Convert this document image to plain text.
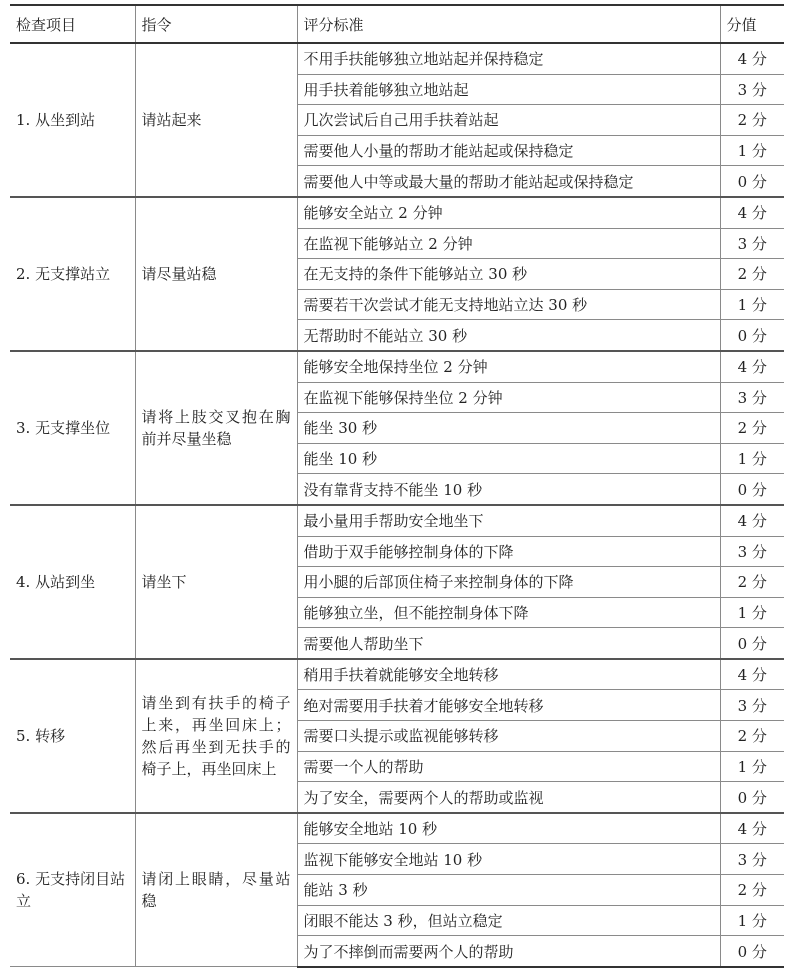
检查项目	指令	评分标准	分值
1. 从坐到站	请站起来	不用手扶能够独立地站起并保持稳定	4 分
		用手扶着能够独立地站起	3 分
		几次尝试后自己用手扶着站起	2 分
		需要他人小量的帮助才能站起或保持稳定	1 分
		需要他人中等或最大量的帮助才能站起或保持稳定	0 分
2. 无支撑站立	请尽量站稳	能够安全站立 2 分钟	4 分
		在监视下能够站立 2 分钟	3 分
		在无支持的条件下能够站立 30 秒	2 分
		需要若干次尝试才能无支持地站立达 30 秒	1 分
		无帮助时不能站立 30 秒	0 分
3. 无支撑坐位	请将上肢交叉抱在胸前并尽量坐稳	能够安全地保持坐位 2 分钟	4 分
		在监视下能够保持坐位 2 分钟	3 分
		能坐 30 秒	2 分
		能坐 10 秒	1 分
		没有靠背支持不能坐 10 秒	0 分
4. 从站到坐	请坐下	最小量用手帮助安全地坐下	4 分
		借助于双手能够控制身体的下降	3 分
		用小腿的后部顶住椅子来控制身体的下降	2 分
		能够独立坐，但不能控制身体下降	1 分
		需要他人帮助坐下	0 分
5. 转移	请坐到有扶手的椅子上来，再坐回床上；然后再坐到无扶手的椅子上，再坐回床上	稍用手扶着就能够安全地转移	4 分
		绝对需要用手扶着才能够安全地转移	3 分
		需要口头提示或监视能够转移	2 分
		需要一个人的帮助	1 分
		为了安全，需要两个人的帮助或监视	0 分
6. 无支持闭目站立	请闭上眼睛，尽量站稳	能够安全地站 10 秒	4 分
		监视下能够安全地站 10 秒	3 分
		能站 3 秒	2 分
		闭眼不能达 3 秒，但站立稳定	1 分
		为了不摔倒而需要两个人的帮助	0 分
